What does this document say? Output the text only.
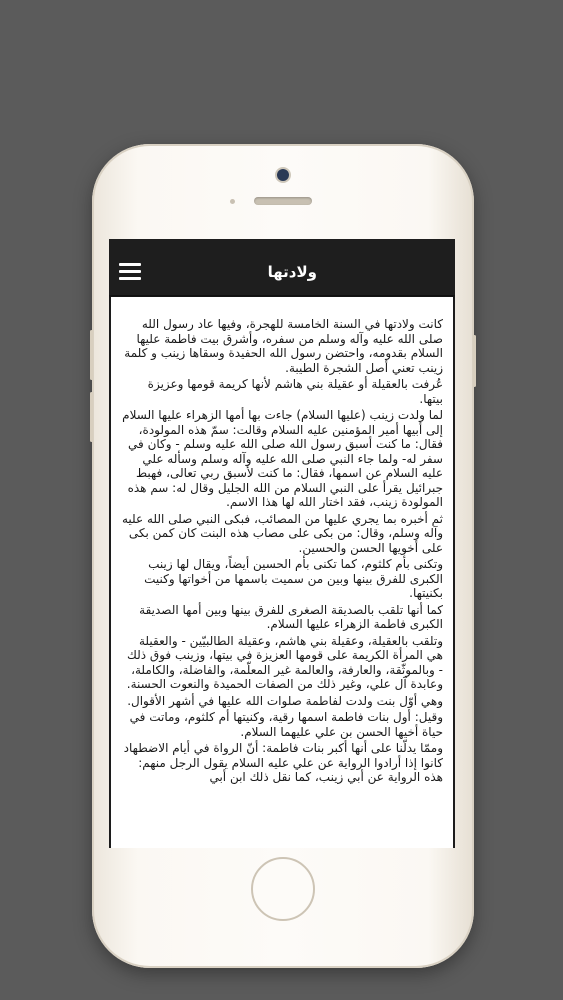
ولادتها

كانت ولادتها في السنة الخامسة للهجرة، وفيها عاد رسول الله صلى الله عليه وآله وسلم من سفره، وأشرق بيت فاطمة عليها السلام بقدومه، واحتضن رسول الله الحفيدة وسقاها زينب و كلمة زينب تعني أصل الشجرة الطيبة.

عُرفت بالعقيلة أو عقيلة بني هاشم لأنها كريمة قومها وعزيزة بيتها.

لما ولدت زينب (عليها السلام) جاءت بها أمها الزهراء عليها السلام إلى أبيها أمير المؤمنين عليه السلام وقالت: سمّ هذه المولودة، فقال: ما كنت أسبق رسول الله صلى الله عليه وسلم - وكان في سفر له- ولما جاء النبي صلى الله عليه وآله وسلم وسأله علي عليه السلام عن اسمها، فقال: ما كنت لأسبق ربي تعالى، فهبط جبرائيل يقرأ على النبي السلام من الله الجليل وقال له: سم هذه المولودة زينب، فقد اختار الله لها هذا الاسم.

ثم أخبره بما يجري عليها من المصائب، فبكى النبي صلى الله عليه وآله وسلم، وقال: من بكى على مصاب هذه البنت كان كمن بكى على أخويها الحسن والحسين.

وتكنى بأم كلثوم، كما تكنى بأم الحسين أيضاً، ويقال لها زينب الكبرى للفرق بينها وبين من سميت باسمها من أخواتها وكنيت بكنيتها.

كما أنها تلقب بالصديقة الصغرى للفرق بينها وبين أمها الصديقة الكبرى فاطمة الزهراء عليها السلام.

وتلقب بالعقيلة، وعقيلة بني هاشم، وعقيلة الطالبيّين - والعقيلة هي المرأة الكريمة على قومها العزيزة في بيتها، وزينب فوق ذلك - وبالموثّقة، والعارفة، والعالمة غير المعلّمة، والفاضلة، والكاملة، وعابدة آل علي، وغير ذلك من الصفات الحميدة والنعوت الحسنة.

وهي أوّل بنت ولدت لفاطمة صلوات الله عليها في أشهر الأقوال.

وقيل: أول بنات فاطمة اسمها رقية، وكنيتها أم كلثوم، وماتت في حياة أخيها الحسن بن علي عليهما السلام.

وممّا يدلّنا على أنها أكبر بنات فاطمة: أنّ الرواة في أيام الاضطهاد كانوا إذا أرادوا الرواية عن علي عليه السلام يقول الرجل منهم: هذه الرواية عن أبي زينب، كما نقل ذلك ابن أبي
